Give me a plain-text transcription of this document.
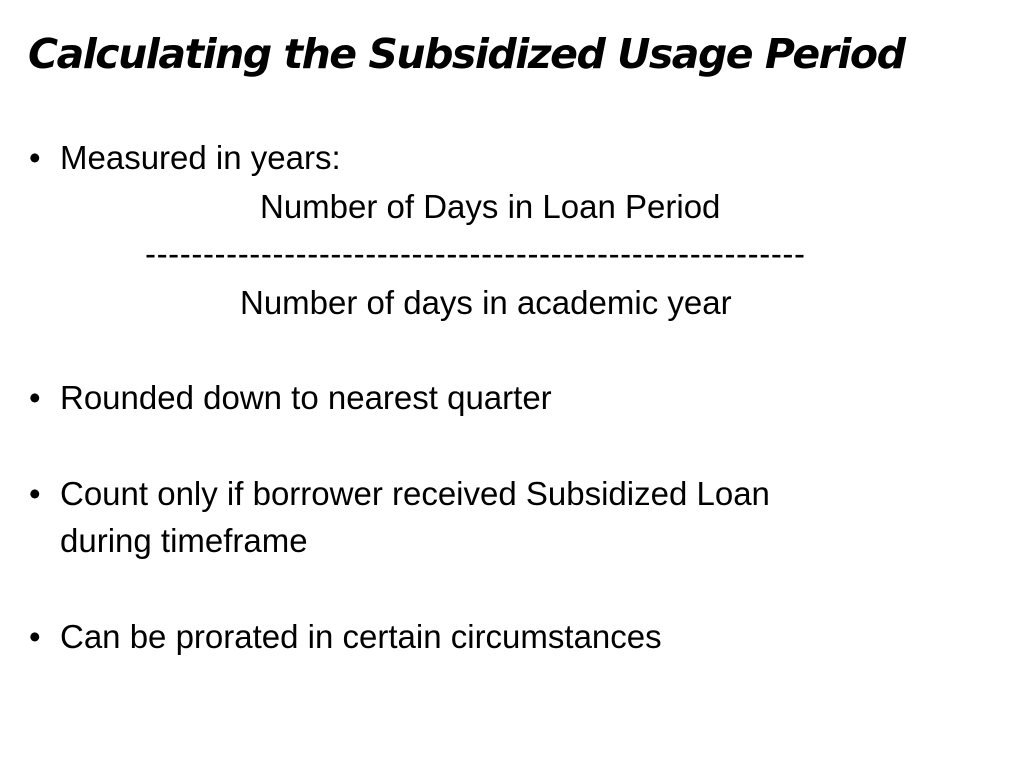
Calculating the Subsidized Usage Period
• Measured in years:
Number of Days in Loan Period
---------------------------------------------------------
Number of days in academic year
• Rounded down to nearest quarter
• Count only if borrower received Subsidized Loan
during timeframe
• Can be prorated in certain circumstances
